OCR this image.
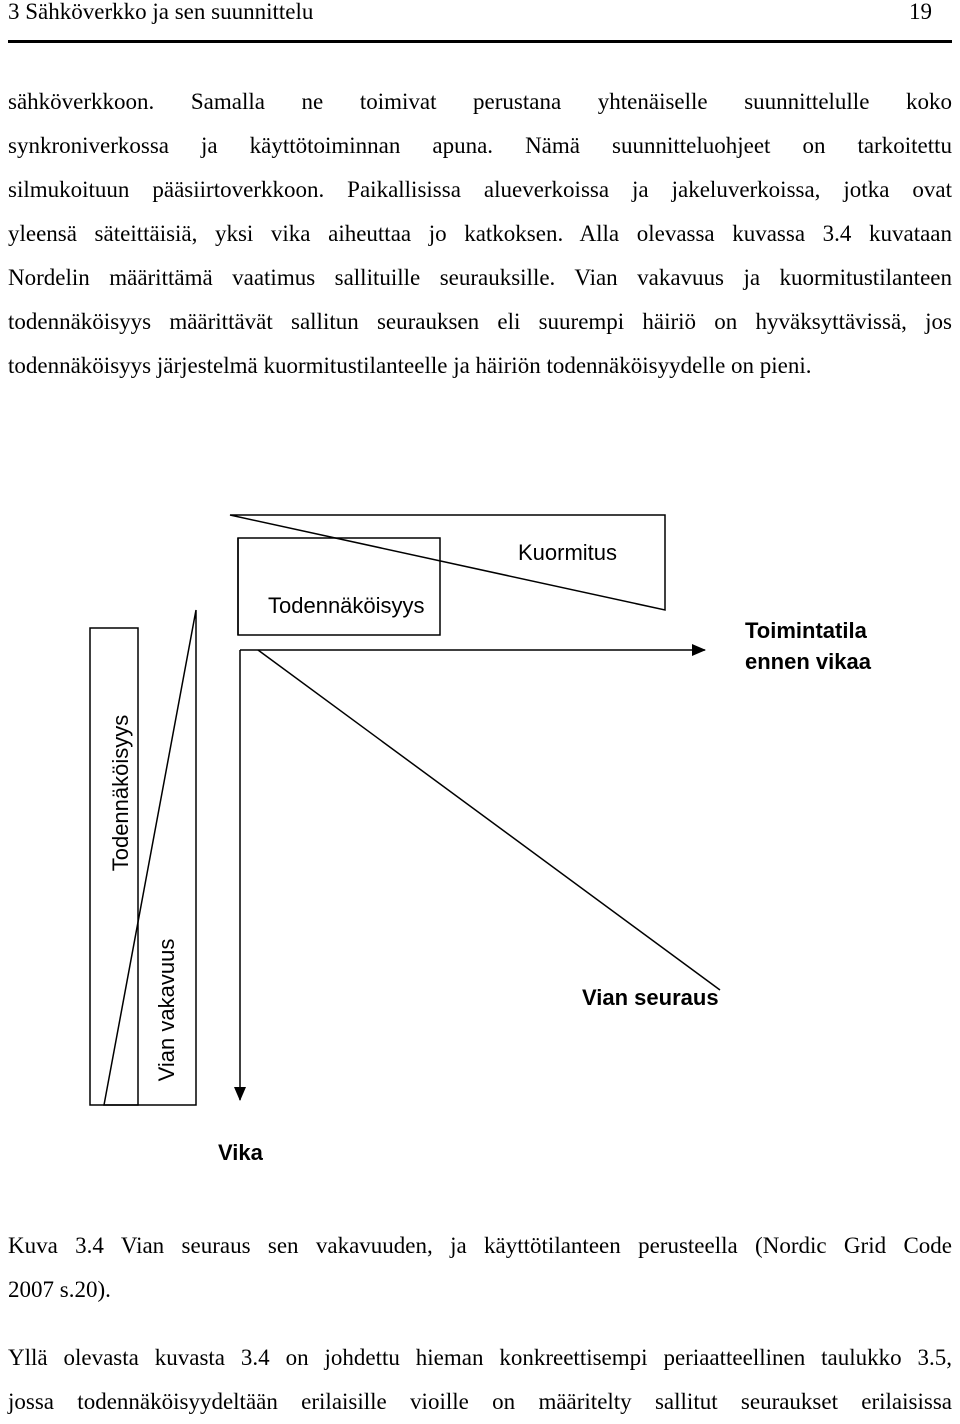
3 Sähköverkko ja sen suunnittelu	19

sähköverkkoon. Samalla ne toimivat perustana yhtenäiselle suunnittelulle koko
synkroniverkossa ja käyttötoiminnan apuna. Nämä suunnitteluohjeet on tarkoitettu
silmukoituun pääsiirtoverkkoon. Paikallisissa alueverkoissa ja jakeluverkoissa, jotka ovat
yleensä säteittäisiä, yksi vika aiheuttaa jo katkoksen. Alla olevassa kuvassa 3.4 kuvataan
Nordelin määrittämä vaatimus sallituille seurauksille. Vian vakavuus ja kuormitustilanteen
todennäköisyys määrittävät sallitun seurauksen eli suurempi häiriö on hyväksyttävissä, jos
todennäköisyys järjestelmä kuormitustilanteelle ja häiriön todennäköisyydelle on pieni.

Kuormitus
Todennäköisyys
Toimintatila
ennen vikaa
Todennäköisyys
Vian vakavuus	Vian seuraus
Vika

Kuva 3.4 Vian seuraus sen vakavuuden, ja käyttötilanteen perusteella (Nordic Grid Code
2007 s.20).

Yllä olevasta kuvasta 3.4 on johdettu hieman konkreettisempi periaatteellinen taulukko 3.5,
jossa todennäköisyydeltään erilaisille vioille on määritelty sallitut seuraukset erilaisissa
